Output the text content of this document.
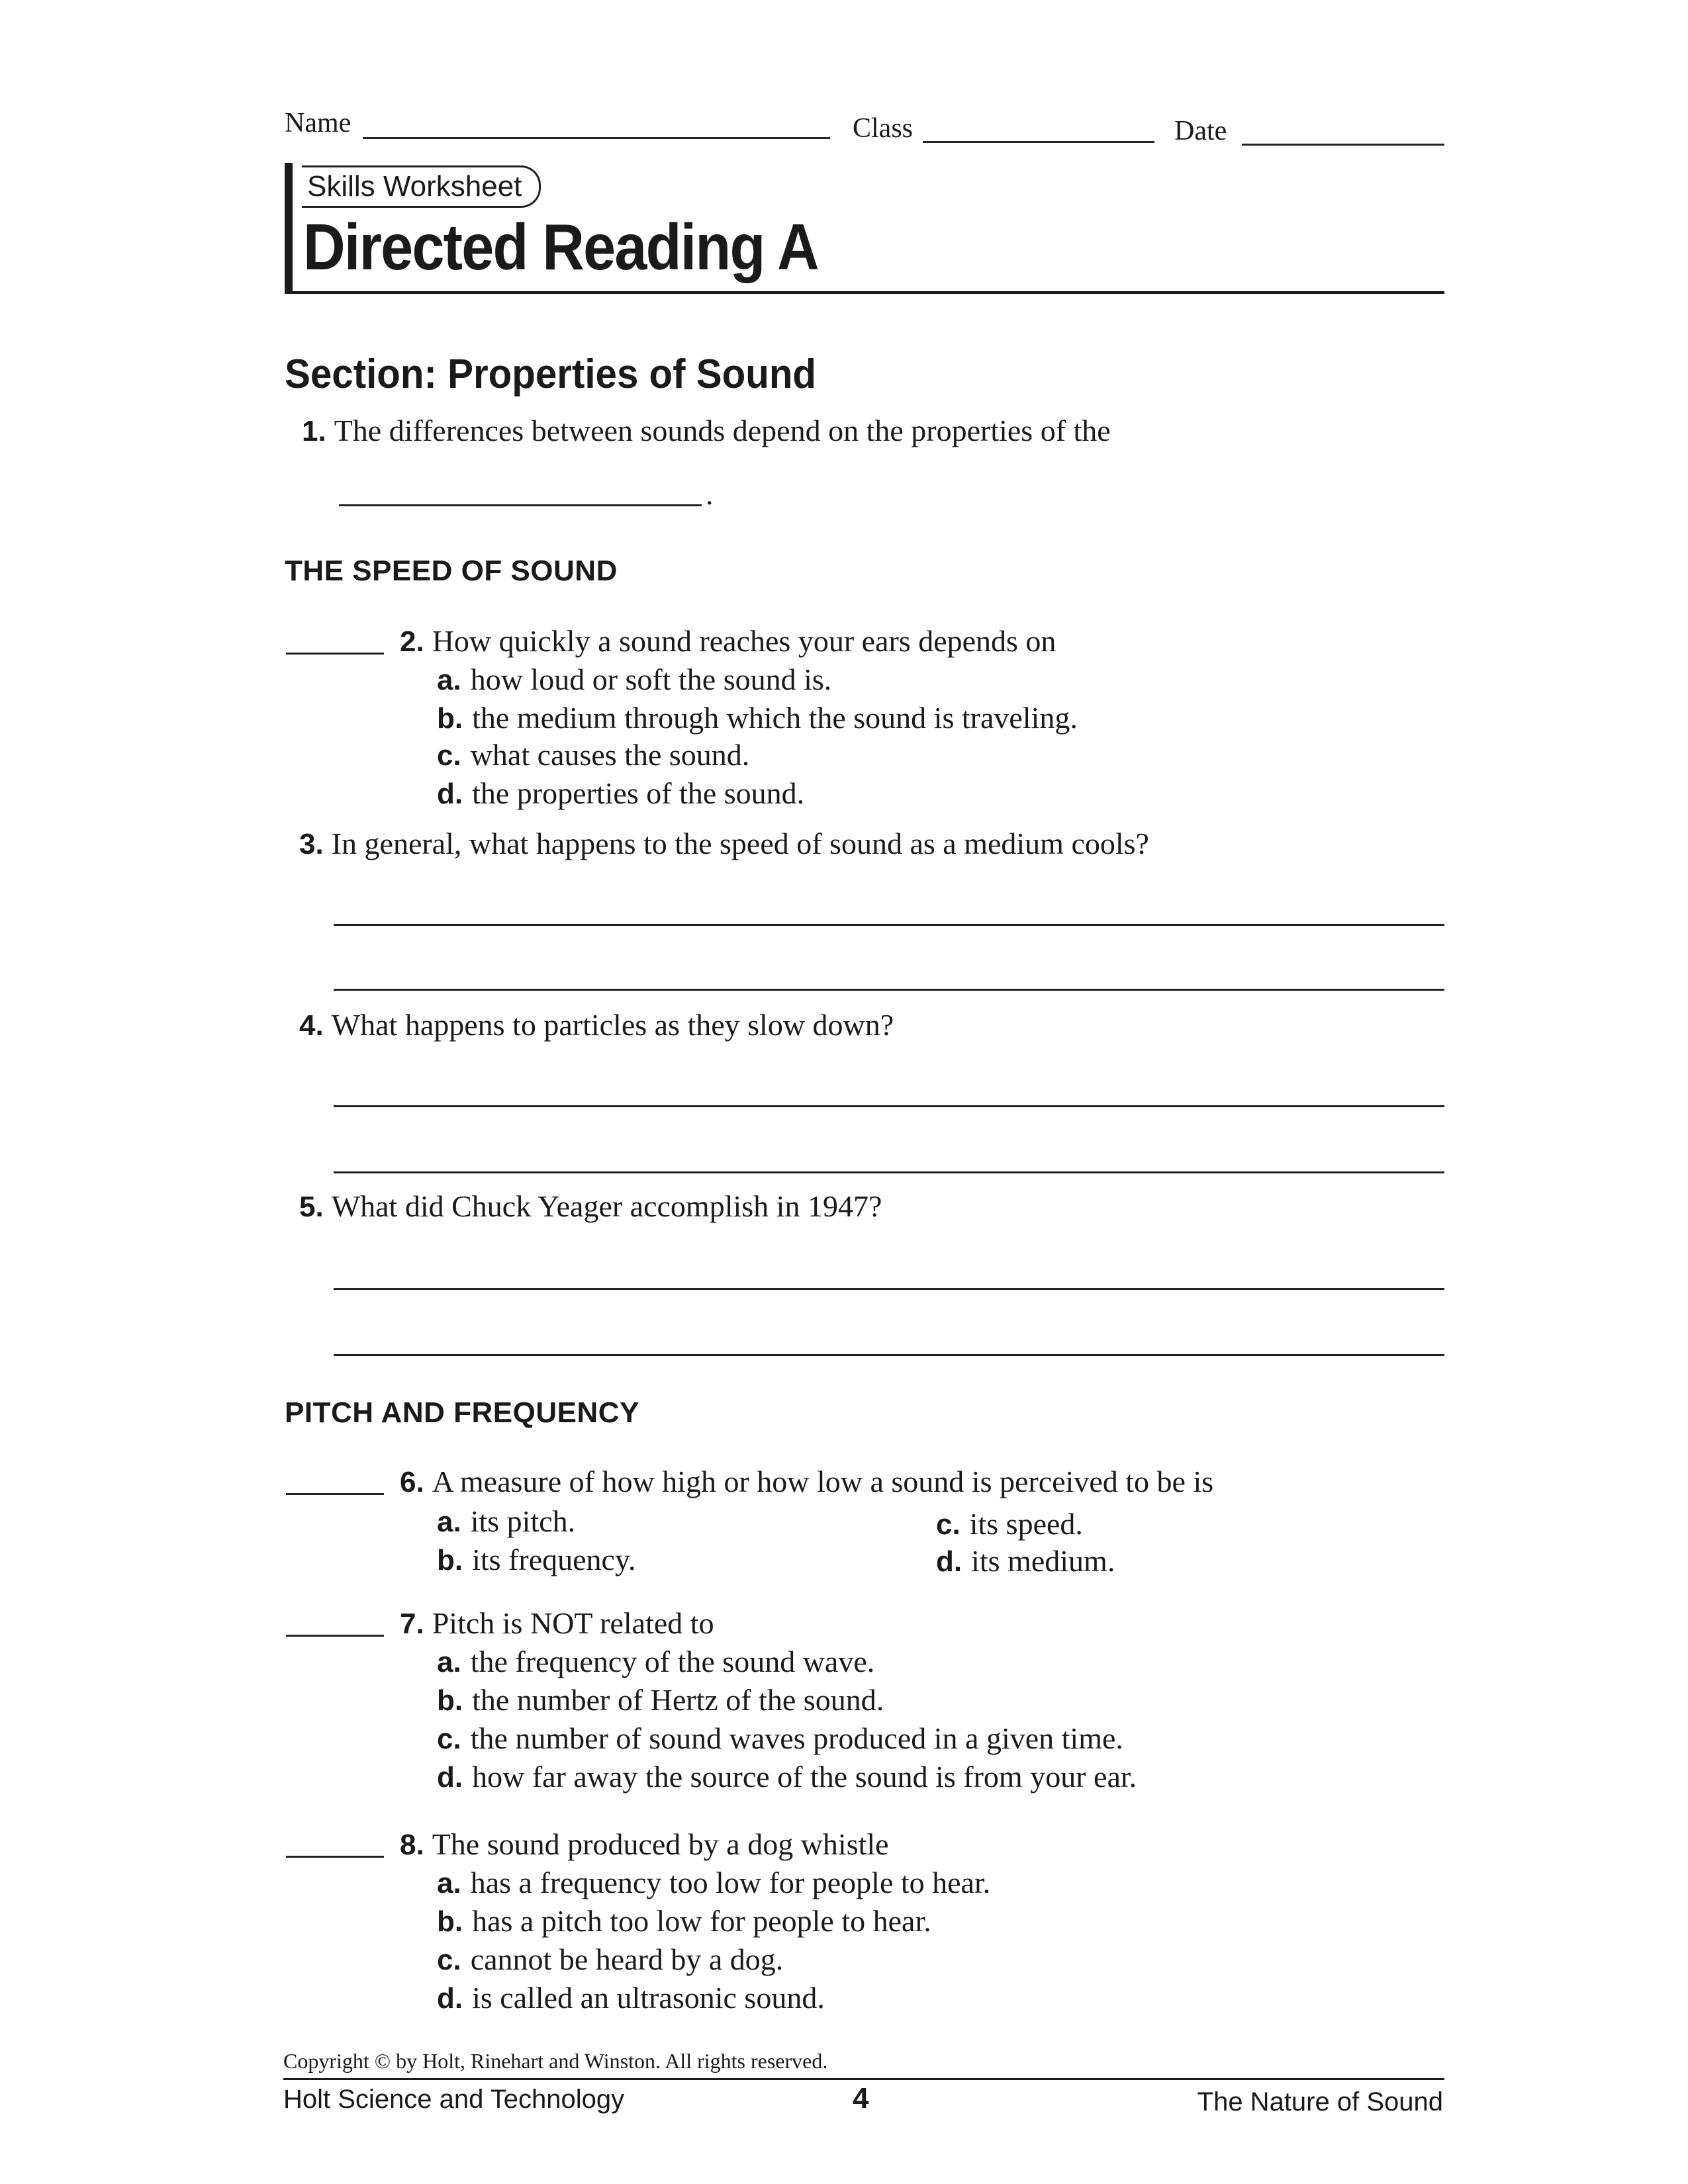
Name	Class	Date
Skills Worksheet
Directed Reading A
Section: Properties of Sound
1. The differences between sounds depend on the properties of the
.
THE SPEED OF SOUND
2. How quickly a sound reaches your ears depends on
a. how loud or soft the sound is.
b. the medium through which the sound is traveling.
c. what causes the sound.
d. the properties of the sound.
3. In general, what happens to the speed of sound as a medium cools?
4. What happens to particles as they slow down?
5. What did Chuck Yeager accomplish in 1947?
PITCH AND FREQUENCY
6. A measure of how high or how low a sound is perceived to be is
a. its pitch.
b. its frequency.
c. its speed.
d. its medium.
7. Pitch is NOT related to
a. the frequency of the sound wave.
b. the number of Hertz of the sound.
c. the number of sound waves produced in a given time.
d. how far away the source of the sound is from your ear.
8. The sound produced by a dog whistle
a. has a frequency too low for people to hear.
b. has a pitch too low for people to hear.
c. cannot be heard by a dog.
d. is called an ultrasonic sound.
Copyright © by Holt, Rinehart and Winston. All rights reserved.
Holt Science and Technology	4	The Nature of Sound
